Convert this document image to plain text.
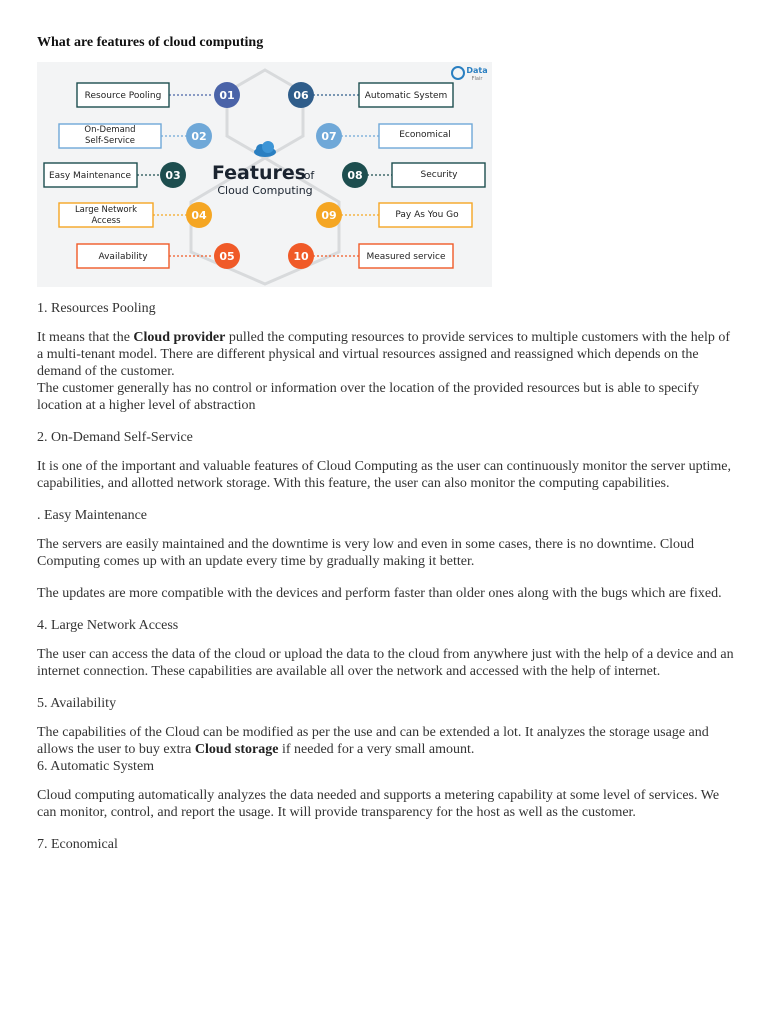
What are features of cloud computing
Resource Pooling
On-Demand
Self-Service
Easy Maintenance
Large Network
Access
Availability
Automatic System
Economical
Security
Pay As You Go
Measured service
01
02
03
04
05
06
07
08
09
10
Features
of
Cloud Computing
Data
Flair

1. Resources Pooling

It means that the Cloud provider pulled the computing resources to provide services to multiple customers with the help of a multi-tenant model. There are different physical and virtual resources assigned and reassigned which depends on the demand of the customer.

The customer generally has no control or information over the location of the provided resources but is able to specify location at a higher level of abstraction

2. On-Demand Self-Service

It is one of the important and valuable features of Cloud Computing as the user can continuously monitor the server uptime, capabilities, and allotted network storage. With this feature, the user can also monitor the computing capabilities.

. Easy Maintenance

The servers are easily maintained and the downtime is very low and even in some cases, there is no downtime. Cloud Computing comes up with an update every time by gradually making it better.

The updates are more compatible with the devices and perform faster than older ones along with the bugs which are fixed.

4. Large Network Access

The user can access the data of the cloud or upload the data to the cloud from anywhere just with the help of a device and an internet connection. These capabilities are available all over the network and accessed with the help of internet.

5. Availability

The capabilities of the Cloud can be modified as per the use and can be extended a lot. It analyzes the storage usage and allows the user to buy extra Cloud storage if needed for a very small amount.

6. Automatic System

Cloud computing automatically analyzes the data needed and supports a metering capability at some level of services. We can monitor, control, and report the usage. It will provide transparency for the host as well as the customer.

7. Economical
